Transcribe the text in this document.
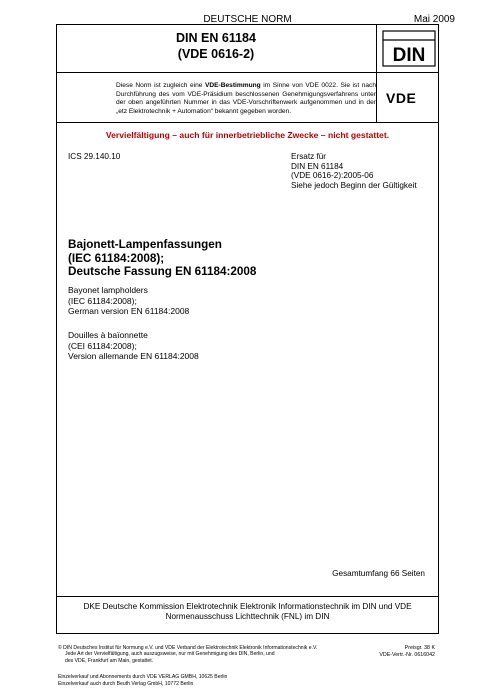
DEUTSCHE NORM	Mai 2009
DIN EN 61184
(VDE 0616-2)	DIN
Diese Norm ist zugleich eine VDE-Bestimmung im Sinne von VDE 0022. Sie ist nach Durchführung des vom VDE-Präsidium beschlossenen Genehmigungsverfahrens unter der oben angeführten Nummer in das VDE-Vorschriftenwerk aufgenommen und in der „etz Elektrotechnik + Automation“ bekannt gegeben worden.
VDE
Vervielfältigung – auch für innerbetriebliche Zwecke – nicht gestattet.
ICS 29.140.10	Ersatz für
DIN EN 61184
(VDE 0616-2):2005-06
Siehe jedoch Beginn der Gültigkeit
Bajonett-Lampenfassungen
(IEC 61184:2008);
Deutsche Fassung EN 61184:2008
Bayonet lampholders
(IEC 61184:2008);
German version EN 61184:2008
Douilles à baïonnette
(CEI 61184:2008);
Version allemande EN 61184:2008
Gesamtumfang 66 Seiten
DKE Deutsche Kommission Elektrotechnik Elektronik Informationstechnik im DIN und VDE
Normenausschuss Lichttechnik (FNL) im DIN
© DIN Deutsches Institut für Normung e.V. und VDE Verband der Elektrotechnik Elektronik Informationstechnik e.V.
Jede Art der Vervielfältigung, auch auszugsweise, nur mit Genehmigung des DIN, Berlin, und
des VDE, Frankfurt am Main, gestattet.
Preisgr. 38 K
VDE-Vertr.-Nr. 0616042
Einzelverkauf und Abonnements durch VDE VERLAG GMBH, 10625 Berlin
Einzelverkauf auch durch Beuth Verlag GmbH, 10772 Berlin
